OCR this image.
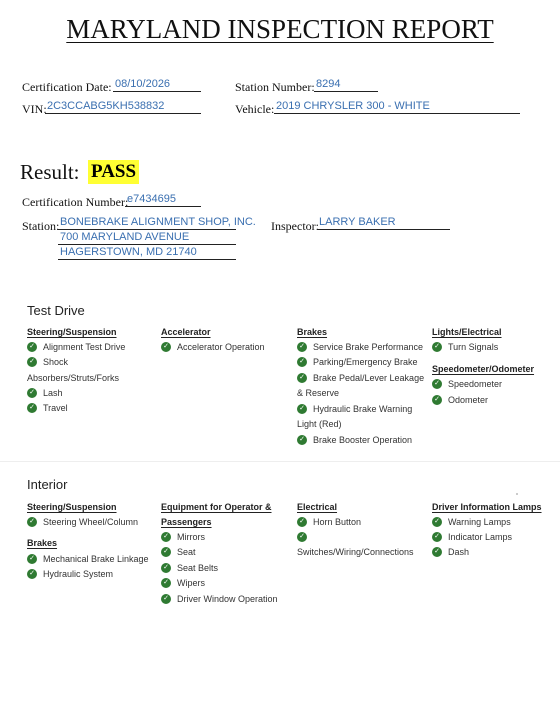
MARYLAND INSPECTION REPORT
Certification Date: 08/10/2026	Station Number: 8294
VIN: 2C3CCABG5KH538832	Vehicle: 2019 CHRYSLER 300 - WHITE
Result: PASS
Certification Number:
e7434695
Station: BONEBRAKE ALIGNMENT SHOP, INC.
700 MARYLAND AVENUE
HAGERSTOWN, MD 21740
Inspector: LARRY BAKER
Test Drive
Steering/Suspension
✓ Alignment Test Drive
✓ Shock
Absorbers/Struts/Forks
✓ Lash
✓ Travel
Accelerator
✓ Accelerator Operation
Brakes
✓ Service Brake Performance
✓ Parking/Emergency Brake
✓ Brake Pedal/Lever Leakage
& Reserve
✓ Hydraulic Brake Warning
Light (Red)
✓ Brake Booster Operation
Lights/Electrical
✓ Turn Signals
Speedometer/Odometer
✓ Speedometer
✓ Odometer
Interior
Steering/Suspension
✓ Steering Wheel/Column
Brakes
✓ Mechanical Brake Linkage
✓ Hydraulic System
Equipment for Operator &
Passengers
✓ Mirrors
✓ Seat
✓ Seat Belts
✓ Wipers
✓ Driver Window Operation
Electrical
✓ Horn Button
✓
Switches/Wiring/Connections
Driver Information Lamps
✓ Warning Lamps
✓ Indicator Lamps
✓ Dash
